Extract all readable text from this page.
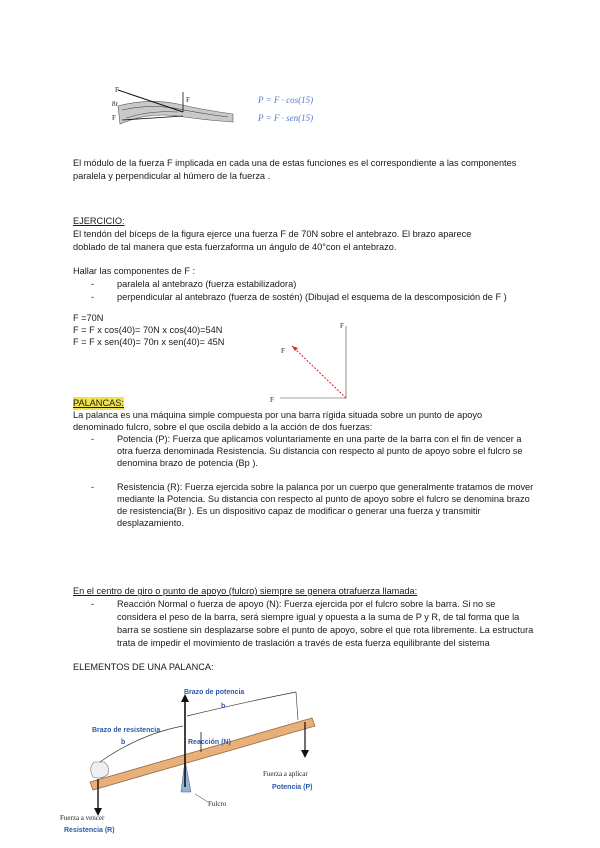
F
8r	F
F
P = F · cos(15)
P = F · sen(15)
El módulo de la fuerza F implicada en cada una de estas funciones es el correspondiente a las componentes
paralela y perpendicular al húmero de la fuerza .
EJERCICIO:
El tendón del bíceps de la figura ejerce una fuerza F de 70N sobre el antebrazo. El brazo aparece
doblado de tal manera que esta fuerzaforma un ángulo de 40°con el antebrazo.
Hallar las componentes de F :
- paralela al antebrazo (fuerza estabilizadora)
- perpendicular al antebrazo (fuerza de sostén) (Dibujad el esquema de la descomposición de F )
F =70N
F = F x cos(40)= 70N x cos(40)=54N
F = F x sen(40)= 70n x sen(40)= 45N
F
F
F
PALANCAS:
La palanca es una máquina simple compuesta por una barra rígida situada sobre un punto de apoyo
denominado fulcro, sobre el que oscila debido a la acción de dos fuerzas:
- Potencia (P): Fuerza que aplicamos voluntariamente en una parte de la barra con el fin de vencer a
otra fuerza denominada Resistencia. Su distancia con respecto al punto de apoyo sobre el fulcro se
denomina brazo de potencia (Bp ).
- Resistencia (R): Fuerza ejercida sobre la palanca por un cuerpo que generalmente tratamos de mover
mediante la Potencia. Su distancia con respecto al punto de apoyo sobre el fulcro se denomina brazo
de resistencia(Br ). Es un dispositivo capaz de modificar o generar una fuerza y transmitir
desplazamiento.
En el centro de giro o punto de apoyo (fulcro) siempre se genera otrafuerza llamada:
- Reacción Normal o fuerza de apoyo (N): Fuerza ejercida por el fulcro sobre la barra. Si no se
considera el peso de la barra, será siempre igual y opuesta a la suma de P y R, de tal forma que la
barra se sostiene sin desplazarse sobre el punto de apoyo, sobre el que rota libremente. La estructura
trata de impedir el movimiento de traslación a través de esta fuerza equilibrante del sistema
ELEMENTOS DE UNA PALANCA:
Brazo de potencia
b
Brazo de resistencia
b	Reacción (N)
Fuerza a aplicar
Potencia (P)
Fulcro
Fuerza a vencer
Resistencia (R)
